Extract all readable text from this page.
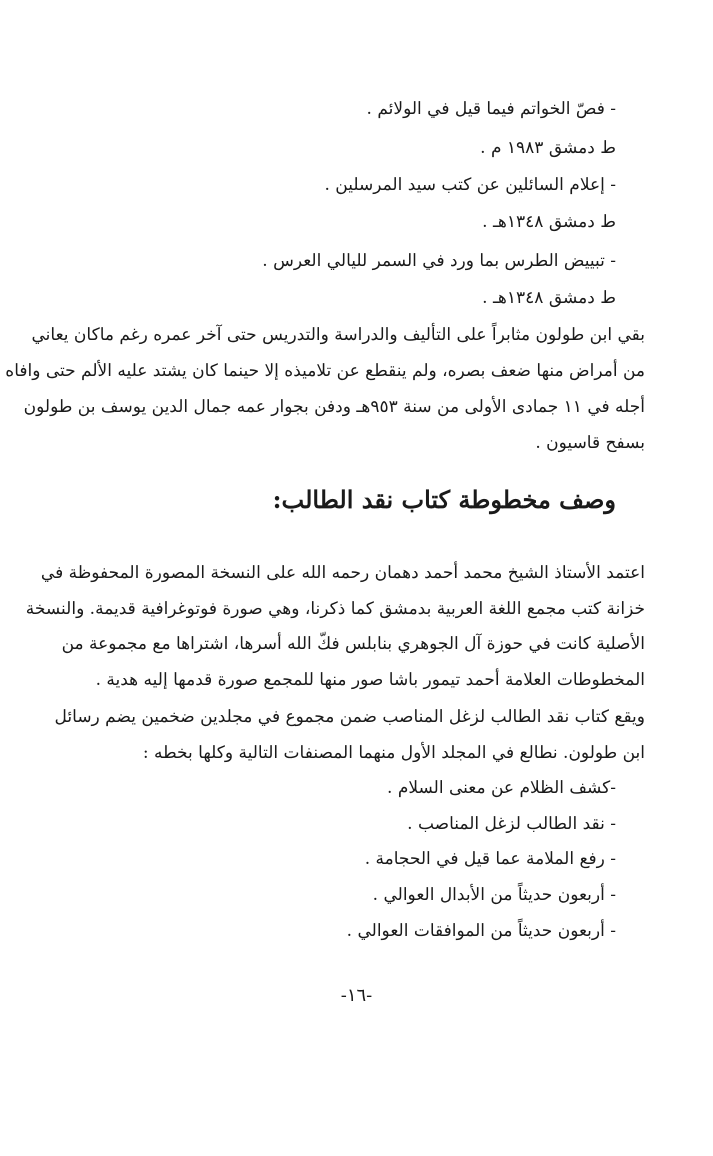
- فصّ الخواتم فيما قيل في الولائم .
ط دمشق ١٩٨٣ م .
- إعلام السائلين عن كتب سيد المرسلين .
ط دمشق ١٣٤٨هـ .
- تبييض الطرس بما ورد في السمر لليالي العرس .
ط دمشق ١٣٤٨هـ .
بقي ابن طولون مثابراً على التأليف والدراسة والتدريس حتى آخر عمره رغم ماكان يعاني
من أمراض منها ضعف بصره، ولم ينقطع عن تلاميذه إلا حينما كان يشتد عليه الألم حتى وافاه
أجله في ١١ جمادى الأولى من سنة ٩٥٣هـ ودفن بجوار عمه جمال الدين يوسف بن طولون
بسفح قاسيون .
وصف مخطوطة كتاب نقد الطالب:
اعتمد الأستاذ الشيخ محمد أحمد دهمان رحمه الله على النسخة المصورة المحفوظة في
خزانة كتب مجمع اللغة العربية بدمشق كما ذكرنا، وهي صورة فوتوغرافية قديمة. والنسخة
الأصلية كانت في حوزة آل الجوهري بنابلس فكّ الله أسرها، اشتراها مع مجموعة من
المخطوطات العلامة أحمد تيمور باشا صور منها للمجمع صورة قدمها إليه هدية .
ويقع كتاب نقد الطالب لزغل المناصب ضمن مجموع في مجلدين ضخمين يضم رسائل
ابن طولون. نطالع في المجلد الأول منهما المصنفات التالية وكلها بخطه :
-كشف الظلام عن معنى السلام .
- نقد الطالب لزغل المناصب .
- رفع الملامة عما قيل في الحجامة .
- أربعون حديثاً من الأبدال العوالي .
- أربعون حديثاً من الموافقات العوالي .
-١٦-
